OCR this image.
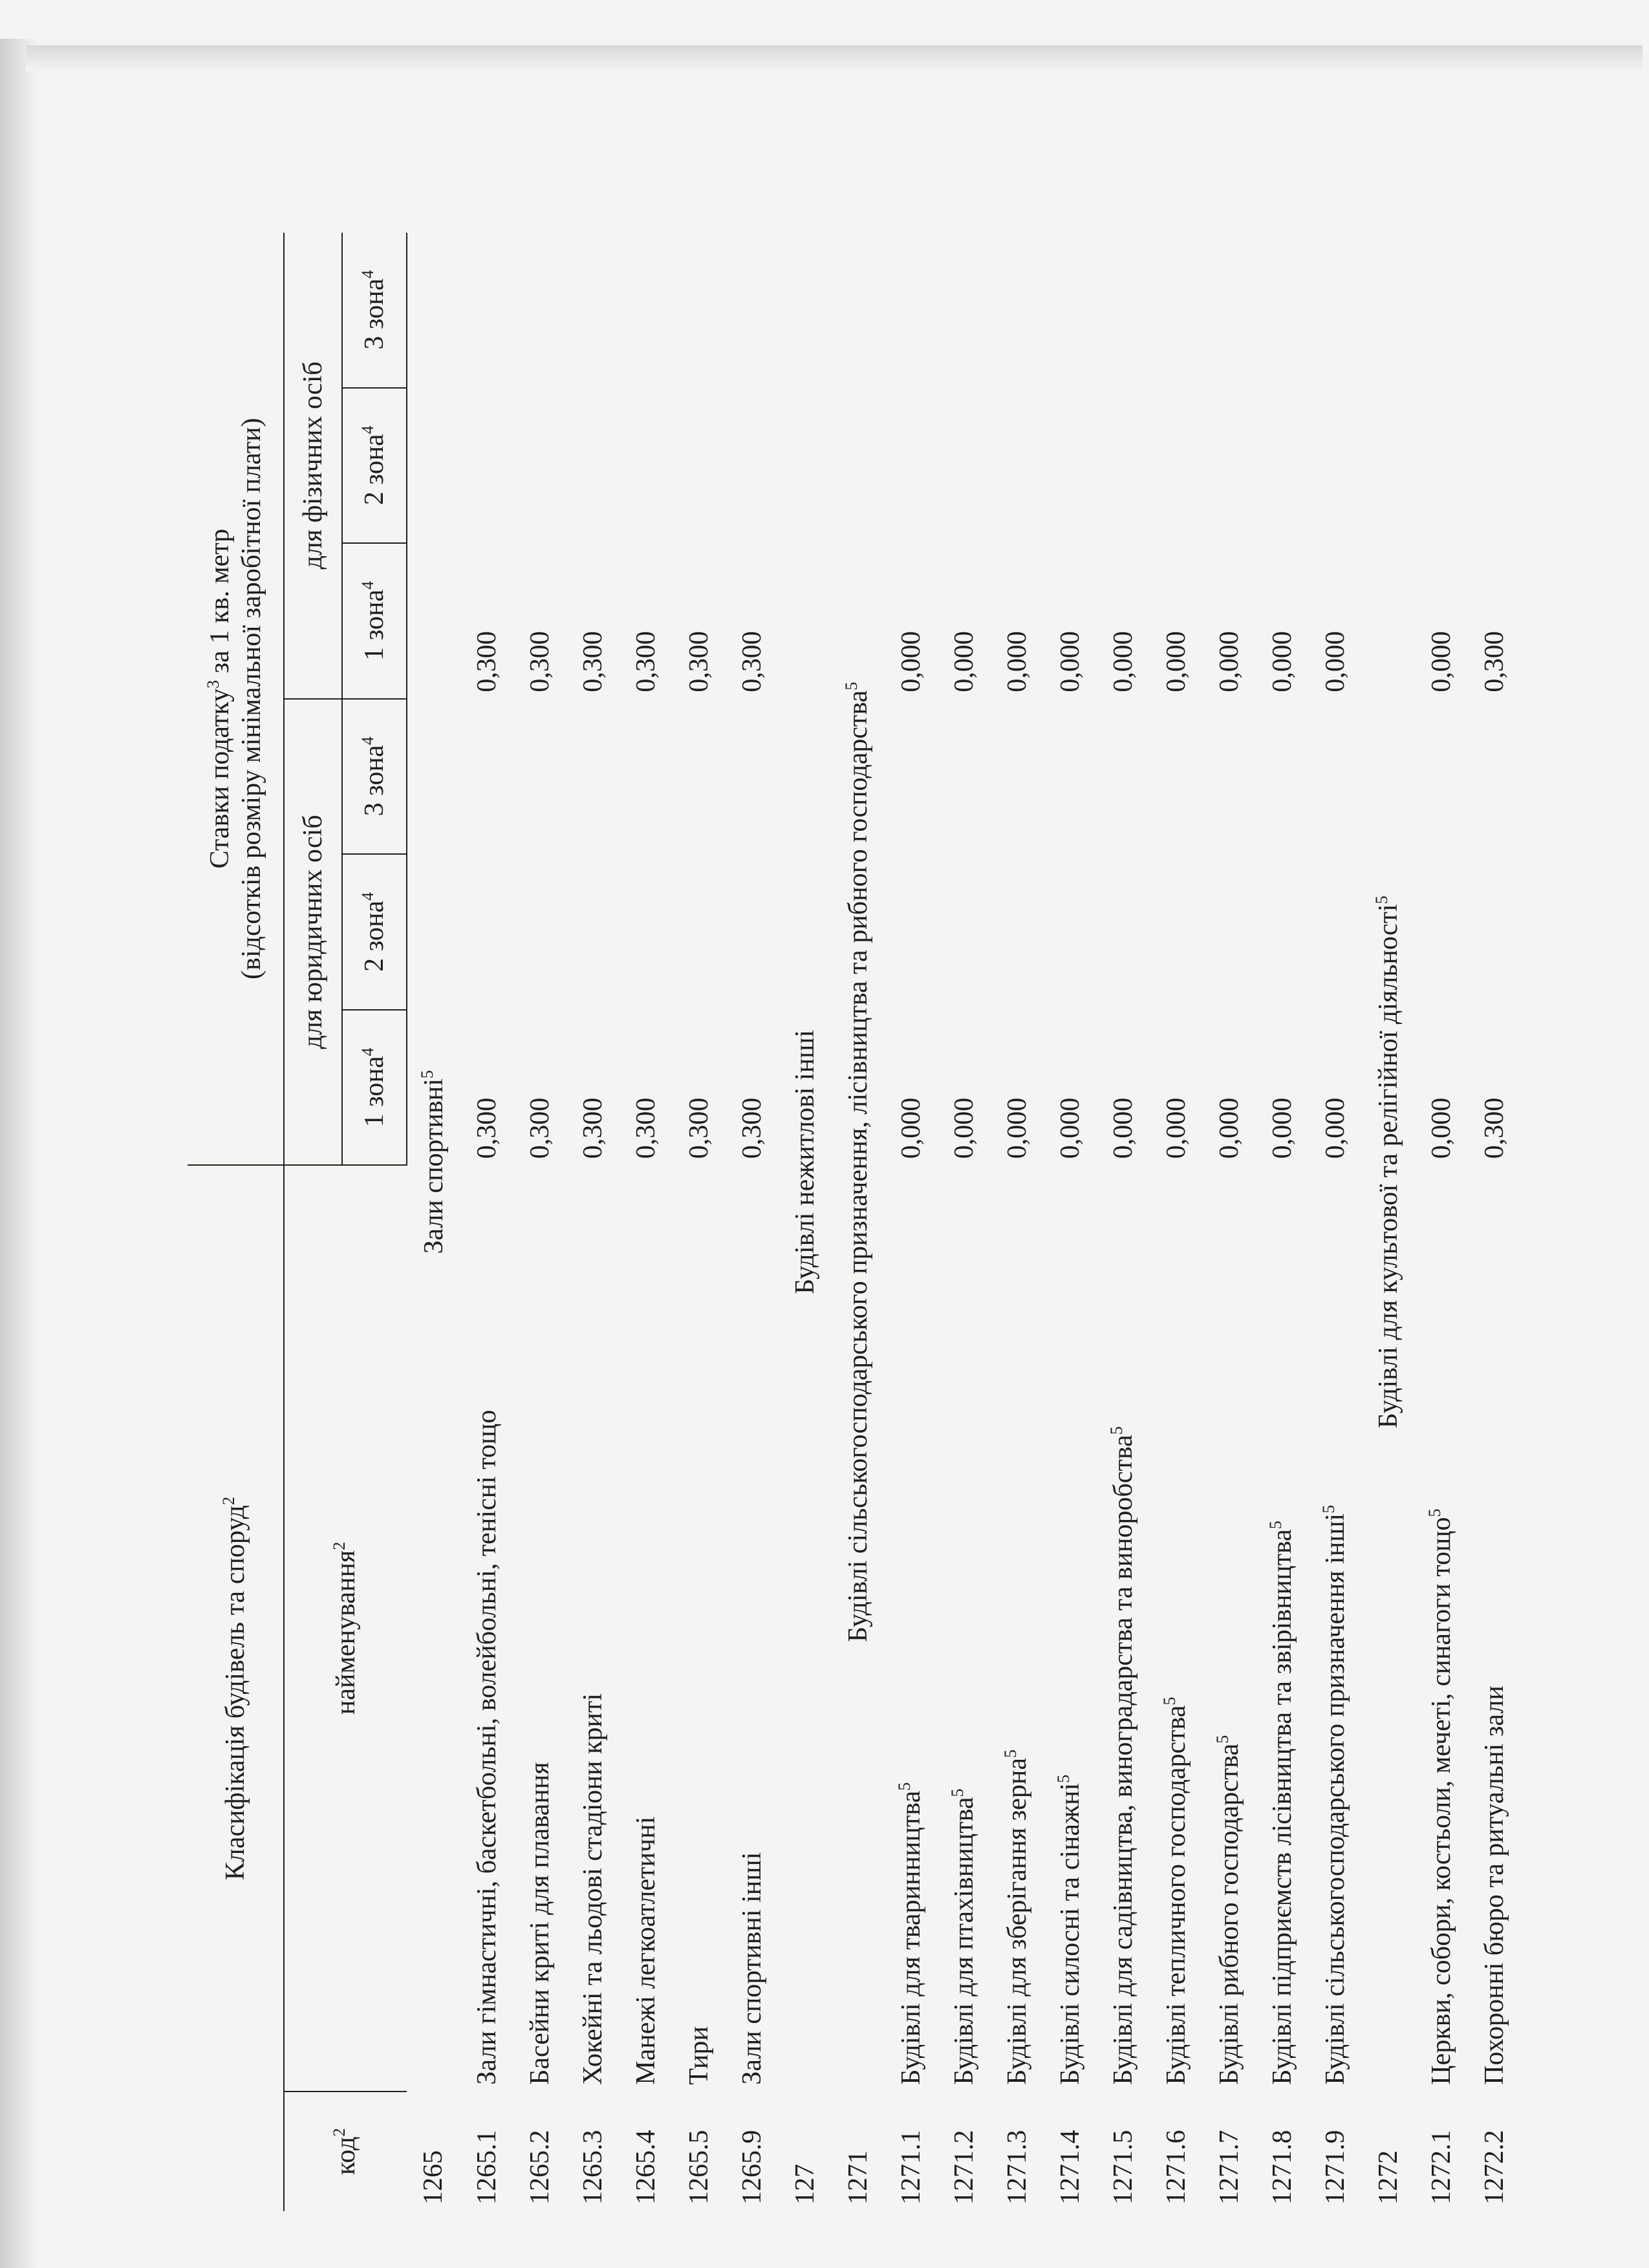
Класифікація будівель та споруд$^2$		Ставки податку$^3$ за 1 кв. метр (відсотків розміру мінімальної заробітної плати)					

код$^2$	найменування$^2$	для юридичних осіб			для фізичних осіб		
		1 зона$^4$	2 зона$^4$	3 зона$^4$	1 зона$^4$	2 зона$^4$	3 зона$^4$
1265	Зали спортивні$^5$
1265.1	Зали гімнастичні, баскетбольні, волейбольні, тенісні тощо	0,300			0,300		
1265.2	Басейни криті для плавання	0,300			0,300		
1265.3	Хокейні та льодові стадіони криті	0,300			0,300		
1265.4	Манежі легкоатлетичні	0,300			0,300		
1265.5	Тири	0,300			0,300		
1265.9	Зали спортивні інші	0,300			0,300		
127	Будівлі нежитлові інші						
1271	Будівлі сільськогосподарського призначення, лісівництва та рибного господарства$^5$
1271.1	Будівлі для тваринництва$^5$	0,000			0,000		
1271.2	Будівлі для птахівництва$^5$	0,000			0,000		
1271.3	Будівлі для зберігання зерна$^5$	0,000			0,000		
1271.4	Будівлі силосні та сінажні$^5$	0,000			0,000		
1271.5	Будівлі для садівництва, виноградарства та виноробства$^5$	0,000			0,000		
1271.6	Будівлі тепличного господарства$^5$	0,000			0,000		
1271.7	Будівлі рибного господарства$^5$	0,000			0,000		
1271.8	Будівлі підприємств лісівництва та звірівництва$^5$	0,000			0,000		
1271.9	Будівлі сільськогосподарського призначення інші$^5$	0,000			0,000		
1272	Будівлі для культової та релігійної діяльності$^5$
1272.1	Церкви, собори, костьоли, мечеті, синагоги тощо$^5$	0,000			0,000		
1272.2	Похоронні бюро та ритуальні зали	0,300			0,300		
